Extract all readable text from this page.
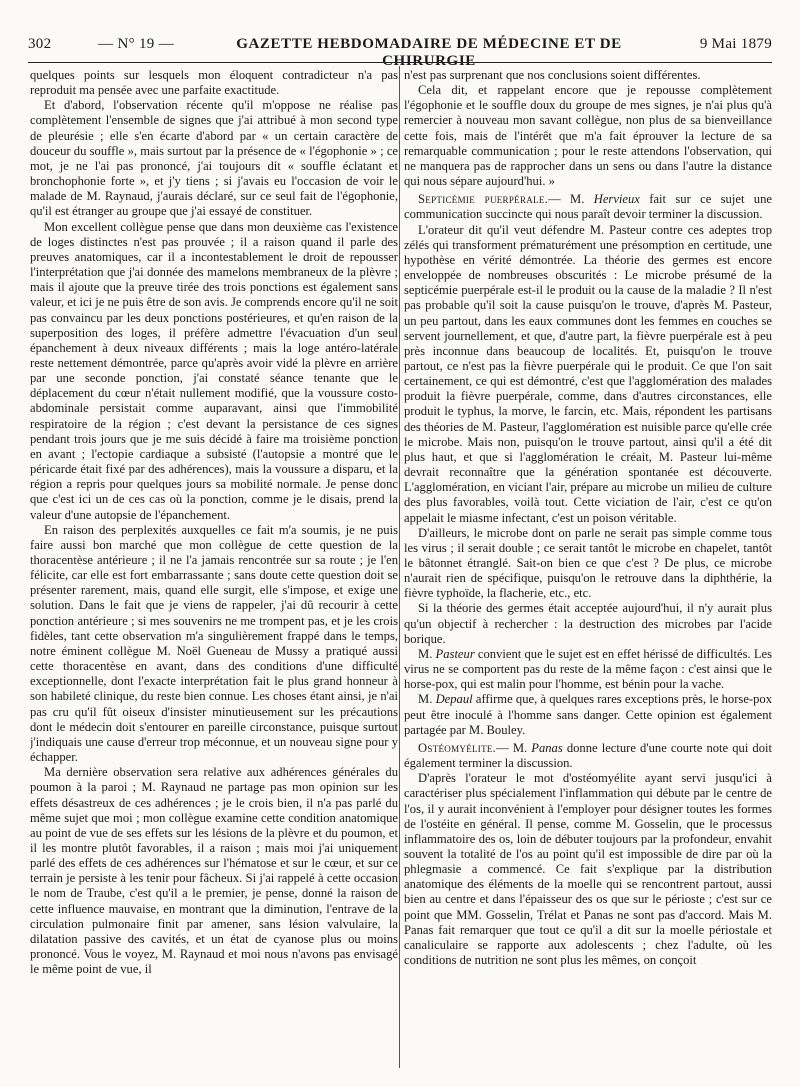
302	— N° 19 —	GAZETTE HEBDOMADAIRE DE MÉDECINE ET DE CHIRURGIE
9 Mai 1879

quelques points sur lesquels mon éloquent contradicteur n'a pas reproduit ma pensée avec une parfaite exactitude.

Et d'abord, l'observation récente qu'il m'oppose ne réalise pas complètement l'ensemble de signes que j'ai attribué à mon second type de pleurésie ; elle s'en écarte d'abord par « un certain caractère de douceur du souffle », mais surtout par la présence de « l'égophonie » ; ce mot, je ne l'ai pas prononcé, j'ai toujours dit « souffle éclatant et bronchophonie forte », et j'y tiens ; si j'avais eu l'occasion de voir le malade de M. Raynaud, j'aurais déclaré, sur ce seul fait de l'égophonie, qu'il est étranger au groupe que j'ai essayé de constituer.

Mon excellent collègue pense que dans mon deuxième cas l'existence de loges distinctes n'est pas prouvée ; il a raison quand il parle des preuves anatomiques, car il a incontestablement le droit de repousser l'interprétation que j'ai donnée des mamelons membraneux de la plèvre ; mais il ajoute que la preuve tirée des trois ponctions est également sans valeur, et ici je ne puis être de son avis. Je comprends encore qu'il ne soit pas convaincu par les deux ponctions postérieures, et qu'en raison de la superposition des loges, il préfère admettre l'évacuation d'un seul épanchement à deux niveaux différents ; mais la loge antéro-latérale reste nettement démontrée, parce qu'après avoir vidé la plèvre en arrière par une seconde ponction, j'ai constaté séance tenante que le déplacement du cœur n'était nullement modifié, que la voussure costo-abdominale persistait comme auparavant, ainsi que l'immobilité respiratoire de la région ; c'est devant la persistance de ces signes pendant trois jours que je me suis décidé à faire ma troisième ponction en avant ; l'ectopie cardiaque a subsisté (l'autopsie a montré que le péricarde était fixé par des adhérences), mais la voussure a disparu, et la région a repris pour quelques jours sa mobilité normale. Je pense donc que c'est ici un de ces cas où la ponction, comme je le disais, prend la valeur d'une autopsie de l'épanchement.

En raison des perplexités auxquelles ce fait m'a soumis, je ne puis faire aussi bon marché que mon collègue de cette question de la thoracentèse antérieure ; il ne l'a jamais rencontrée sur sa route ; je l'en félicite, car elle est fort embarrassante ; sans doute cette question doit se présenter rarement, mais, quand elle surgit, elle s'impose, et exige une solution. Dans le fait que je viens de rappeler, j'ai dû recourir à cette ponction antérieure ; si mes souvenirs ne me trompent pas, et je les crois fidèles, tant cette observation m'a singulièrement frappé dans le temps, notre éminent collègue M. Noël Gueneau de Mussy a pratiqué aussi cette thoracentèse en avant, dans des conditions d'une difficulté exceptionnelle, dont l'exacte interprétation fait le plus grand honneur à son habileté clinique, du reste bien connue. Les choses étant ainsi, je n'ai pas cru qu'il fût oiseux d'insister minutieusement sur les précautions dont le médecin doit s'entourer en pareille circonstance, puisque surtout j'indiquais une cause d'erreur trop méconnue, et un nouveau signe pour y échapper.

Ma dernière observation sera relative aux adhérences générales du poumon à la paroi ; M. Raynaud ne partage pas mon opinion sur les effets désastreux de ces adhérences ; je le crois bien, il n'a pas parlé du même sujet que moi ; mon collègue examine cette condition anatomique au point de vue de ses effets sur les lésions de la plèvre et du poumon, et il les montre plutôt favorables, il a raison ; mais moi j'ai uniquement parlé des effets de ces adhérences sur l'hématose et sur le cœur, et sur ce terrain je persiste à les tenir pour fâcheux. Si j'ai rappelé à cette occasion le nom de Traube, c'est qu'il a le premier, je pense, donné la raison de cette influence mauvaise, en montrant que la diminution, l'entrave de la circulation pulmonaire finit par amener, sans lésion valvulaire, la dilatation passive des cavités, et un état de cyanose plus ou moins prononcé. Vous le voyez, M. Raynaud et moi nous n'avons pas envisagé le même point de vue, il

n'est pas surprenant que nos conclusions soient différentes.

Cela dit, et rappelant encore que je repousse complètement l'égophonie et le souffle doux du groupe de mes signes, je n'ai plus qu'à remercier à nouveau mon savant collègue, non plus de sa bienveillance cette fois, mais de l'intérêt que m'a fait éprouver la lecture de sa remarquable communication ; pour le reste attendons l'observation, qui ne manquera pas de rapprocher dans un sens ou dans l'autre la distance qui nous sépare aujourd'hui. »

Septicémie puerpérale.— M. Hervieux fait sur ce sujet une communication succincte qui nous paraît devoir terminer la discussion.

L'orateur dit qu'il veut défendre M. Pasteur contre ces adeptes trop zélés qui transforment prématurément une présomption en certitude, une hypothèse en vérité démontrée. La théorie des germes est encore enveloppée de nombreuses obscurités : Le microbe présumé de la septicémie puerpérale est-il le produit ou la cause de la maladie ? Il n'est pas probable qu'il soit la cause puisqu'on le trouve, d'après M. Pasteur, un peu partout, dans les eaux communes dont les femmes en couches se servent journellement, et que, d'autre part, la fièvre puerpérale est à peu près inconnue dans beaucoup de localités. Et, puisqu'on le trouve partout, ce n'est pas la fièvre puerpérale qui le produit. Ce que l'on sait certainement, ce qui est démontré, c'est que l'agglomération des malades produit la fièvre puerpérale, comme, dans d'autres circonstances, elle produit le typhus, la morve, le farcin, etc. Mais, répondent les partisans des théories de M. Pasteur, l'agglomération est nuisible parce qu'elle crée le microbe. Mais non, puisqu'on le trouve partout, ainsi qu'il a été dit plus haut, et que si l'agglomération le créait, M. Pasteur lui-même devrait reconnaître que la génération spontanée est découverte. L'agglomération, en viciant l'air, prépare au microbe un milieu de culture des plus favorables, voilà tout. Cette viciation de l'air, c'est ce qu'on appelait le miasme infectant, c'est un poison véritable.

D'ailleurs, le microbe dont on parle ne serait pas simple comme tous les virus ; il serait double ; ce serait tantôt le microbe en chapelet, tantôt le bâtonnet étranglé. Sait-on bien ce que c'est ? De plus, ce microbe n'aurait rien de spécifique, puisqu'on le retrouve dans la diphthérie, la fièvre typhoïde, la flacherie, etc., etc.

Si la théorie des germes était acceptée aujourd'hui, il n'y aurait plus qu'un objectif à rechercher : la destruction des microbes par l'acide borique.

M. Pasteur convient que le sujet est en effet hérissé de difficultés. Les virus ne se comportent pas du reste de la même façon : c'est ainsi que le horse-pox, qui est malin pour l'homme, est bénin pour la vache.

M. Depaul affirme que, à quelques rares exceptions près, le horse-pox peut être inoculé à l'homme sans danger. Cette opinion est également partagée par M. Bouley.

Ostéomyélite.— M. Panas donne lecture d'une courte note qui doit également terminer la discussion.

D'après l'orateur le mot d'ostéomyélite ayant servi jusqu'ici à caractériser plus spécialement l'inflammation qui débute par le centre de l'os, il y aurait inconvénient à l'employer pour désigner toutes les formes de l'ostéite en général. Il pense, comme M. Gosselin, que le processus inflammatoire des os, loin de débuter toujours par la profondeur, envahit souvent la totalité de l'os au point qu'il est impossible de dire par où la phlegmasie a commencé. Ce fait s'explique par la distribution anatomique des éléments de la moelle qui se rencontrent partout, aussi bien au centre et dans l'épaisseur des os que sur le périoste ; c'est sur ce point que MM. Gosselin, Trélat et Panas ne sont pas d'accord. Mais M. Panas fait remarquer que tout ce qu'il a dit sur la moelle périostale et canaliculaire se rapporte aux adolescents ; chez l'adulte, où les conditions de nutrition ne sont plus les mêmes, on conçoit
